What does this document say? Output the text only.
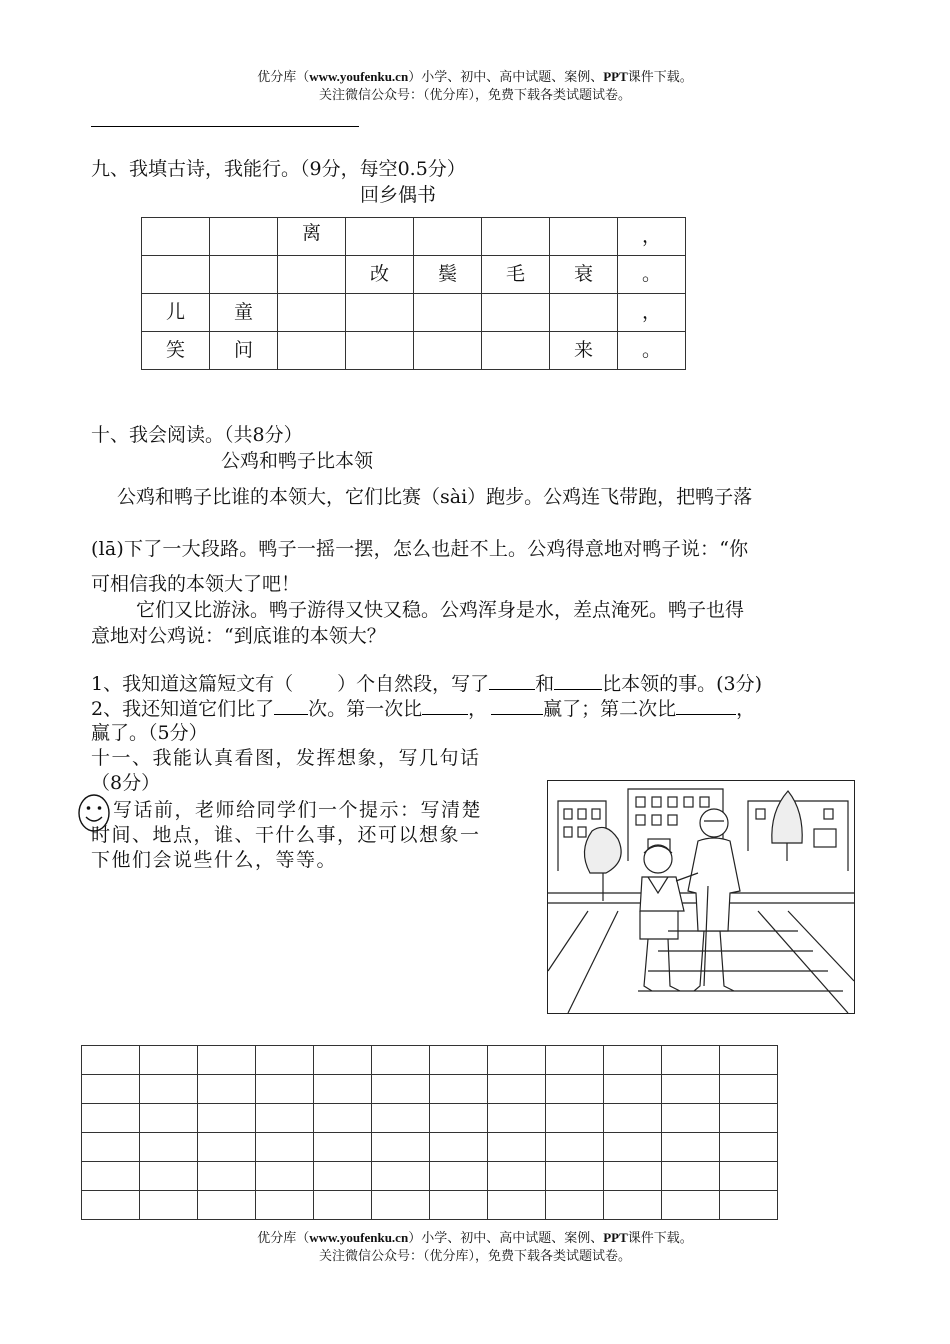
优分库（www.youfenku.cn）小学、初中、高中试题、案例、PPT课件下载。
关注微信公众号：（优分库），免费下载各类试题试卷。
九、我填古诗，我能行。（9分，每空0.5分）
回乡偶书
		离					，
			改	鬓	毛	衰	。
儿	童						，
笑	问					来	。
十、我会阅读。（共8分）
公鸡和鸭子比本领
公鸡和鸭子比谁的本领大，它们比赛（sài）跑步。公鸡连飞带跑，把鸭子落
(lā)下了一大段路。鸭子一摇一摆，怎么也赶不上。公鸡得意地对鸭子说：“你
可相信我的本领大了吧！
它们又比游泳。鸭子游得又快又稳。公鸡浑身是水，差点淹死。鸭子也得
意地对公鸡说：“到底谁的本领大？
1、我知道这篇短文有（ ）个自然段，写了 和	比本领的事。(3分)
2、我还知道它们比了 次。第一次比 ，	赢了；第二次比	，
赢了。（5分）
十一、我能认真看图，发挥想象，写几句话
（8分）
写话前，老师给同学们一个提示：写清楚
时间、地点，谁、干什么事，还可以想象一
下他们会说些什么，等等。

优分库（www.youfenku.cn）小学、初中、高中试题、案例、PPT课件下载。
关注微信公众号：（优分库），免费下载各类试题试卷。
